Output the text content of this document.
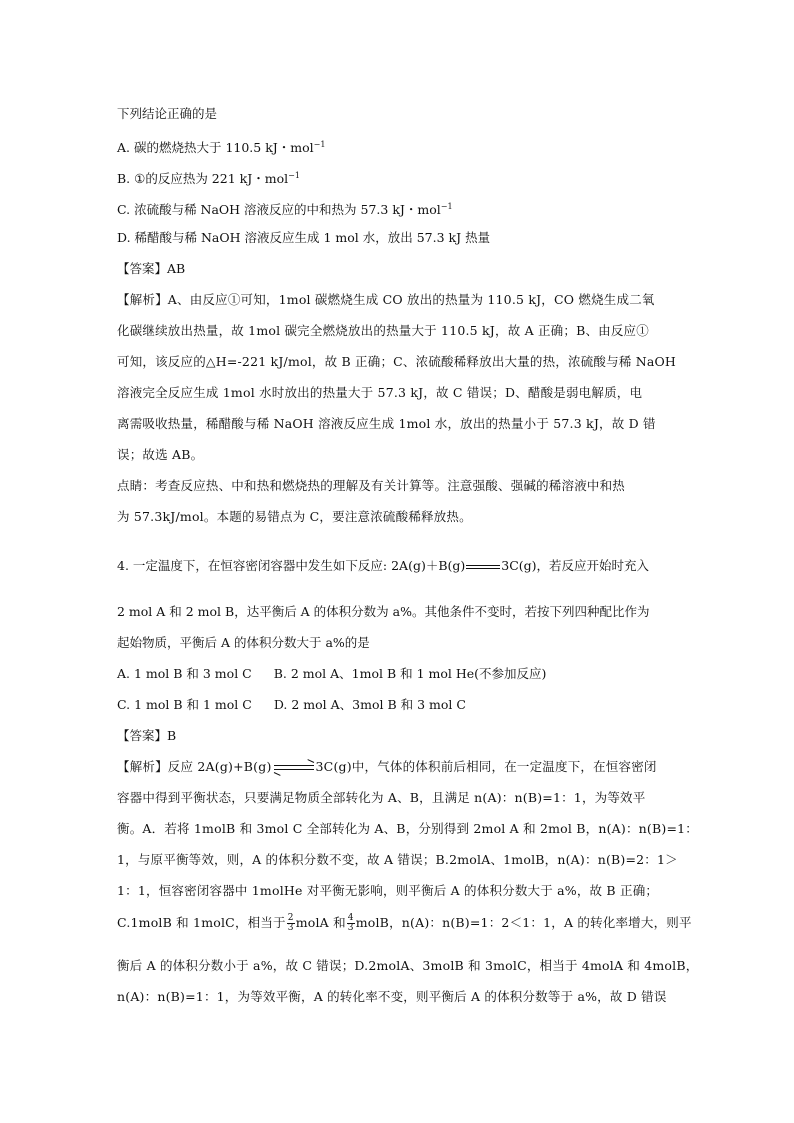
下列结论正确的是
A. 碳的燃烧热大于 110.5 kJ・mol$^{-1}$
B. ①的反应热为 221 kJ・mol$^{-1}$
C. 浓硫酸与稀 NaOH 溶液反应的中和热为 57.3 kJ・mol$^{-1}$
D. 稀醋酸与稀 NaOH 溶液反应生成 1 mol 水，放出 57.3 kJ 热量
【答案】AB
【解析】A、由反应①可知，1mol 碳燃烧生成 CO 放出的热量为 110.5 kJ，CO 燃烧生成二氧
化碳继续放出热量，故 1mol 碳完全燃烧放出的热量大于 110.5 kJ，故 A 正确；B、由反应①
可知，该反应的△H=-221 kJ/mol，故 B 正确；C、浓硫酸稀释放出大量的热，浓硫酸与稀 NaOH
溶液完全反应生成 1mol 水时放出的热量大于 57.3 kJ，故 C 错误；D、醋酸是弱电解质，电
离需吸收热量，稀醋酸与稀 NaOH 溶液反应生成 1mol 水，放出的热量小于 57.3 kJ，故 D 错
误；故选 AB。
点睛：考查反应热、中和热和燃烧热的理解及有关计算等。注意强酸、强碱的稀溶液中和热
为 57.3kJ/mol。本题的易错点为 C，要注意浓硫酸稀释放热。
4. 一定温度下，在恒容密闭容器中发生如下反应: 2A(g)＋B(g)	3C(g)，若反应开始时充入
2 mol A 和 2 mol B，达平衡后 A 的体积分数为 a%。其他条件不变时，若按下列四种配比作为
起始物质，平衡后 A 的体积分数大于 a%的是
A. 1 mol B 和 3 mol C B. 2 mol A、1mol B 和 1 mol He(不参加反应)
C. 1 mol B 和 1 mol C D. 2 mol A、3mol B 和 3 mol C
【答案】B
【解析】反应 2A(g)+B(g) ⇌ 3C(g)中，气体的体积前后相同，在一定温度下，在恒容密闭
容器中得到平衡状态，只要满足物质全部转化为 A、B，且满足 n(A)：n(B)=1：1，为等效平
衡。A．若将 1molB 和 3mol C 全部转化为 A、B，分别得到 2mol A 和 2mol B，n(A)：n(B)=1：
1，与原平衡等效，则，A 的体积分数不变，故 A 错误；B.2molA、1molB，n(A)：n(B)=2：1＞
1：1，恒容密闭容器中 1molHe 对平衡无影响，则平衡后 A 的体积分数大于 a%，故 B 正确；
C.1molB 和 1molC，相当于 $\frac{2}{3}$ molA 和 $\frac{4}{3}$ molB，n(A)：n(B)=1：2＜1：1，A 的转化率增大，则平
衡后 A 的体积分数小于 a%，故 C 错误；D.2molA、3molB 和 3molC，相当于 4molA 和 4molB，
n(A)：n(B)=1：1，为等效平衡，A 的转化率不变，则平衡后 A 的体积分数等于 a%，故 D 错误
